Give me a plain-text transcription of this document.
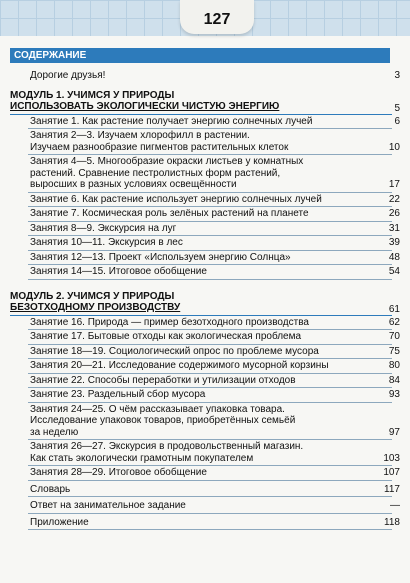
127
СОДЕРЖАНИЕ
Дорогие друзья!	3
МОДУЛЬ 1. УЧИМСЯ У ПРИРОДЫ
ИСПОЛЬЗОВАТЬ ЭКОЛОГИЧЕСКИ ЧИСТУЮ ЭНЕРГИЮ	5
Занятие 1. Как растение получает энергию солнечных лучей	6
Занятия 2—3. Изучаем хлорофилл в растении.
Изучаем разнообразие пигментов растительных клеток	10
Занятия 4—5. Многообразие окраски листьев у комнатных
растений. Сравнение пестролистных форм растений,
выросших в разных условиях освещённости	17
Занятие 6. Как растение использует энергию солнечных лучей	22
Занятие 7. Космическая роль зелёных растений на планете	26
Занятия 8—9. Экскурсия на луг	31
Занятия 10—11. Экскурсия в лес	39
Занятия 12—13. Проект «Используем энергию Солнца»	48
Занятия 14—15. Итоговое обобщение	54
МОДУЛЬ 2. УЧИМСЯ У ПРИРОДЫ
БЕЗОТХОДНОМУ ПРОИЗВОДСТВУ	61
Занятие 16. Природа — пример безотходного производства	62
Занятие 17. Бытовые отходы как экологическая проблема	70
Занятие 18—19. Социологический опрос по проблеме мусора	75
Занятия 20—21. Исследование содержимого мусорной корзины	80
Занятие 22. Способы переработки и утилизации отходов	84
Занятие 23. Раздельный сбор мусора	93
Занятия 24—25. О чём рассказывает упаковка товара.
Исследование упаковок товаров, приобретённых семьёй
за неделю	97
Занятия 26—27. Экскурсия в продовольственный магазин.
Как стать экологически грамотным покупателем	103
Занятия 28—29. Итоговое обобщение	107
Словарь	117
Ответ на занимательное задание	—
Приложение	118
